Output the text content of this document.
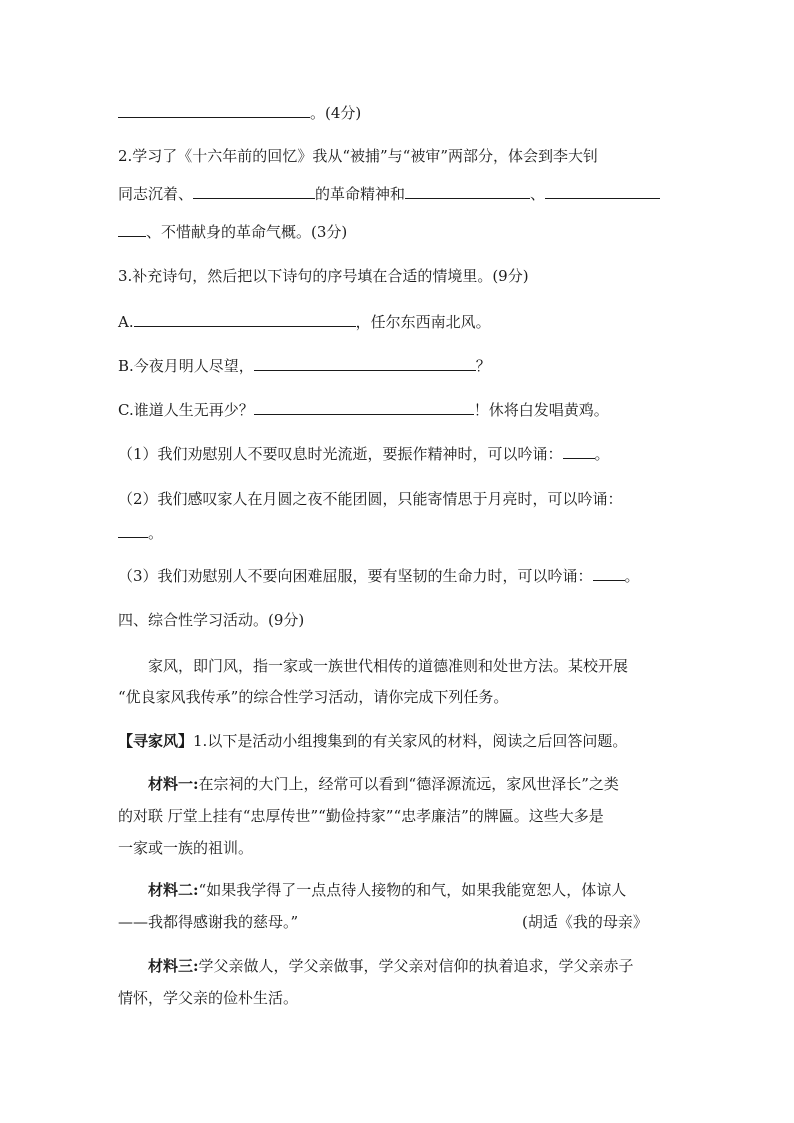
。(4分)
2.学习了《十六年前的回忆》我从“被捕”与“被审”两部分，体会到李大钊
同志沉着、	的革命精神和	、
、不惜献身的革命气概。(3分)
3.补充诗句，然后把以下诗句的序号填在合适的情境里。(9分)
A.	，任尔东西南北风。
B.今夜月明人尽望，	？
C.谁道人生无再少？	！休将白发唱黄鸡。
（1）我们劝慰别人不要叹息时光流逝，要振作精神时，可以吟诵： 。
（2）我们感叹家人在月圆之夜不能团圆，只能寄情思于月亮时，可以吟诵：
。
（3）我们劝慰别人不要向困难屈服，要有坚韧的生命力时，可以吟诵： 。
四、综合性学习活动。(9分)
家风，即门风，指一家或一族世代相传的道德准则和处世方法。某校开展
“优良家风我传承”的综合性学习活动，请你完成下列任务。
【寻家风】1.以下是活动小组搜集到的有关家风的材料，阅读之后回答问题。
材料一:在宗祠的大门上，经常可以看到“德泽源流远，家风世泽长”之类
的对联 厅堂上挂有“忠厚传世”“勤俭持家”“忠孝廉洁”的牌匾。这些大多是
一家或一族的祖训。
材料二:“如果我学得了一点点待人接物的和气，如果我能宽恕人，体谅人
——我都得感谢我的慈母。”	(胡适《我的母亲》
材料三:学父亲做人，学父亲做事，学父亲对信仰的执着追求，学父亲赤子
情怀，学父亲的俭朴生活。
